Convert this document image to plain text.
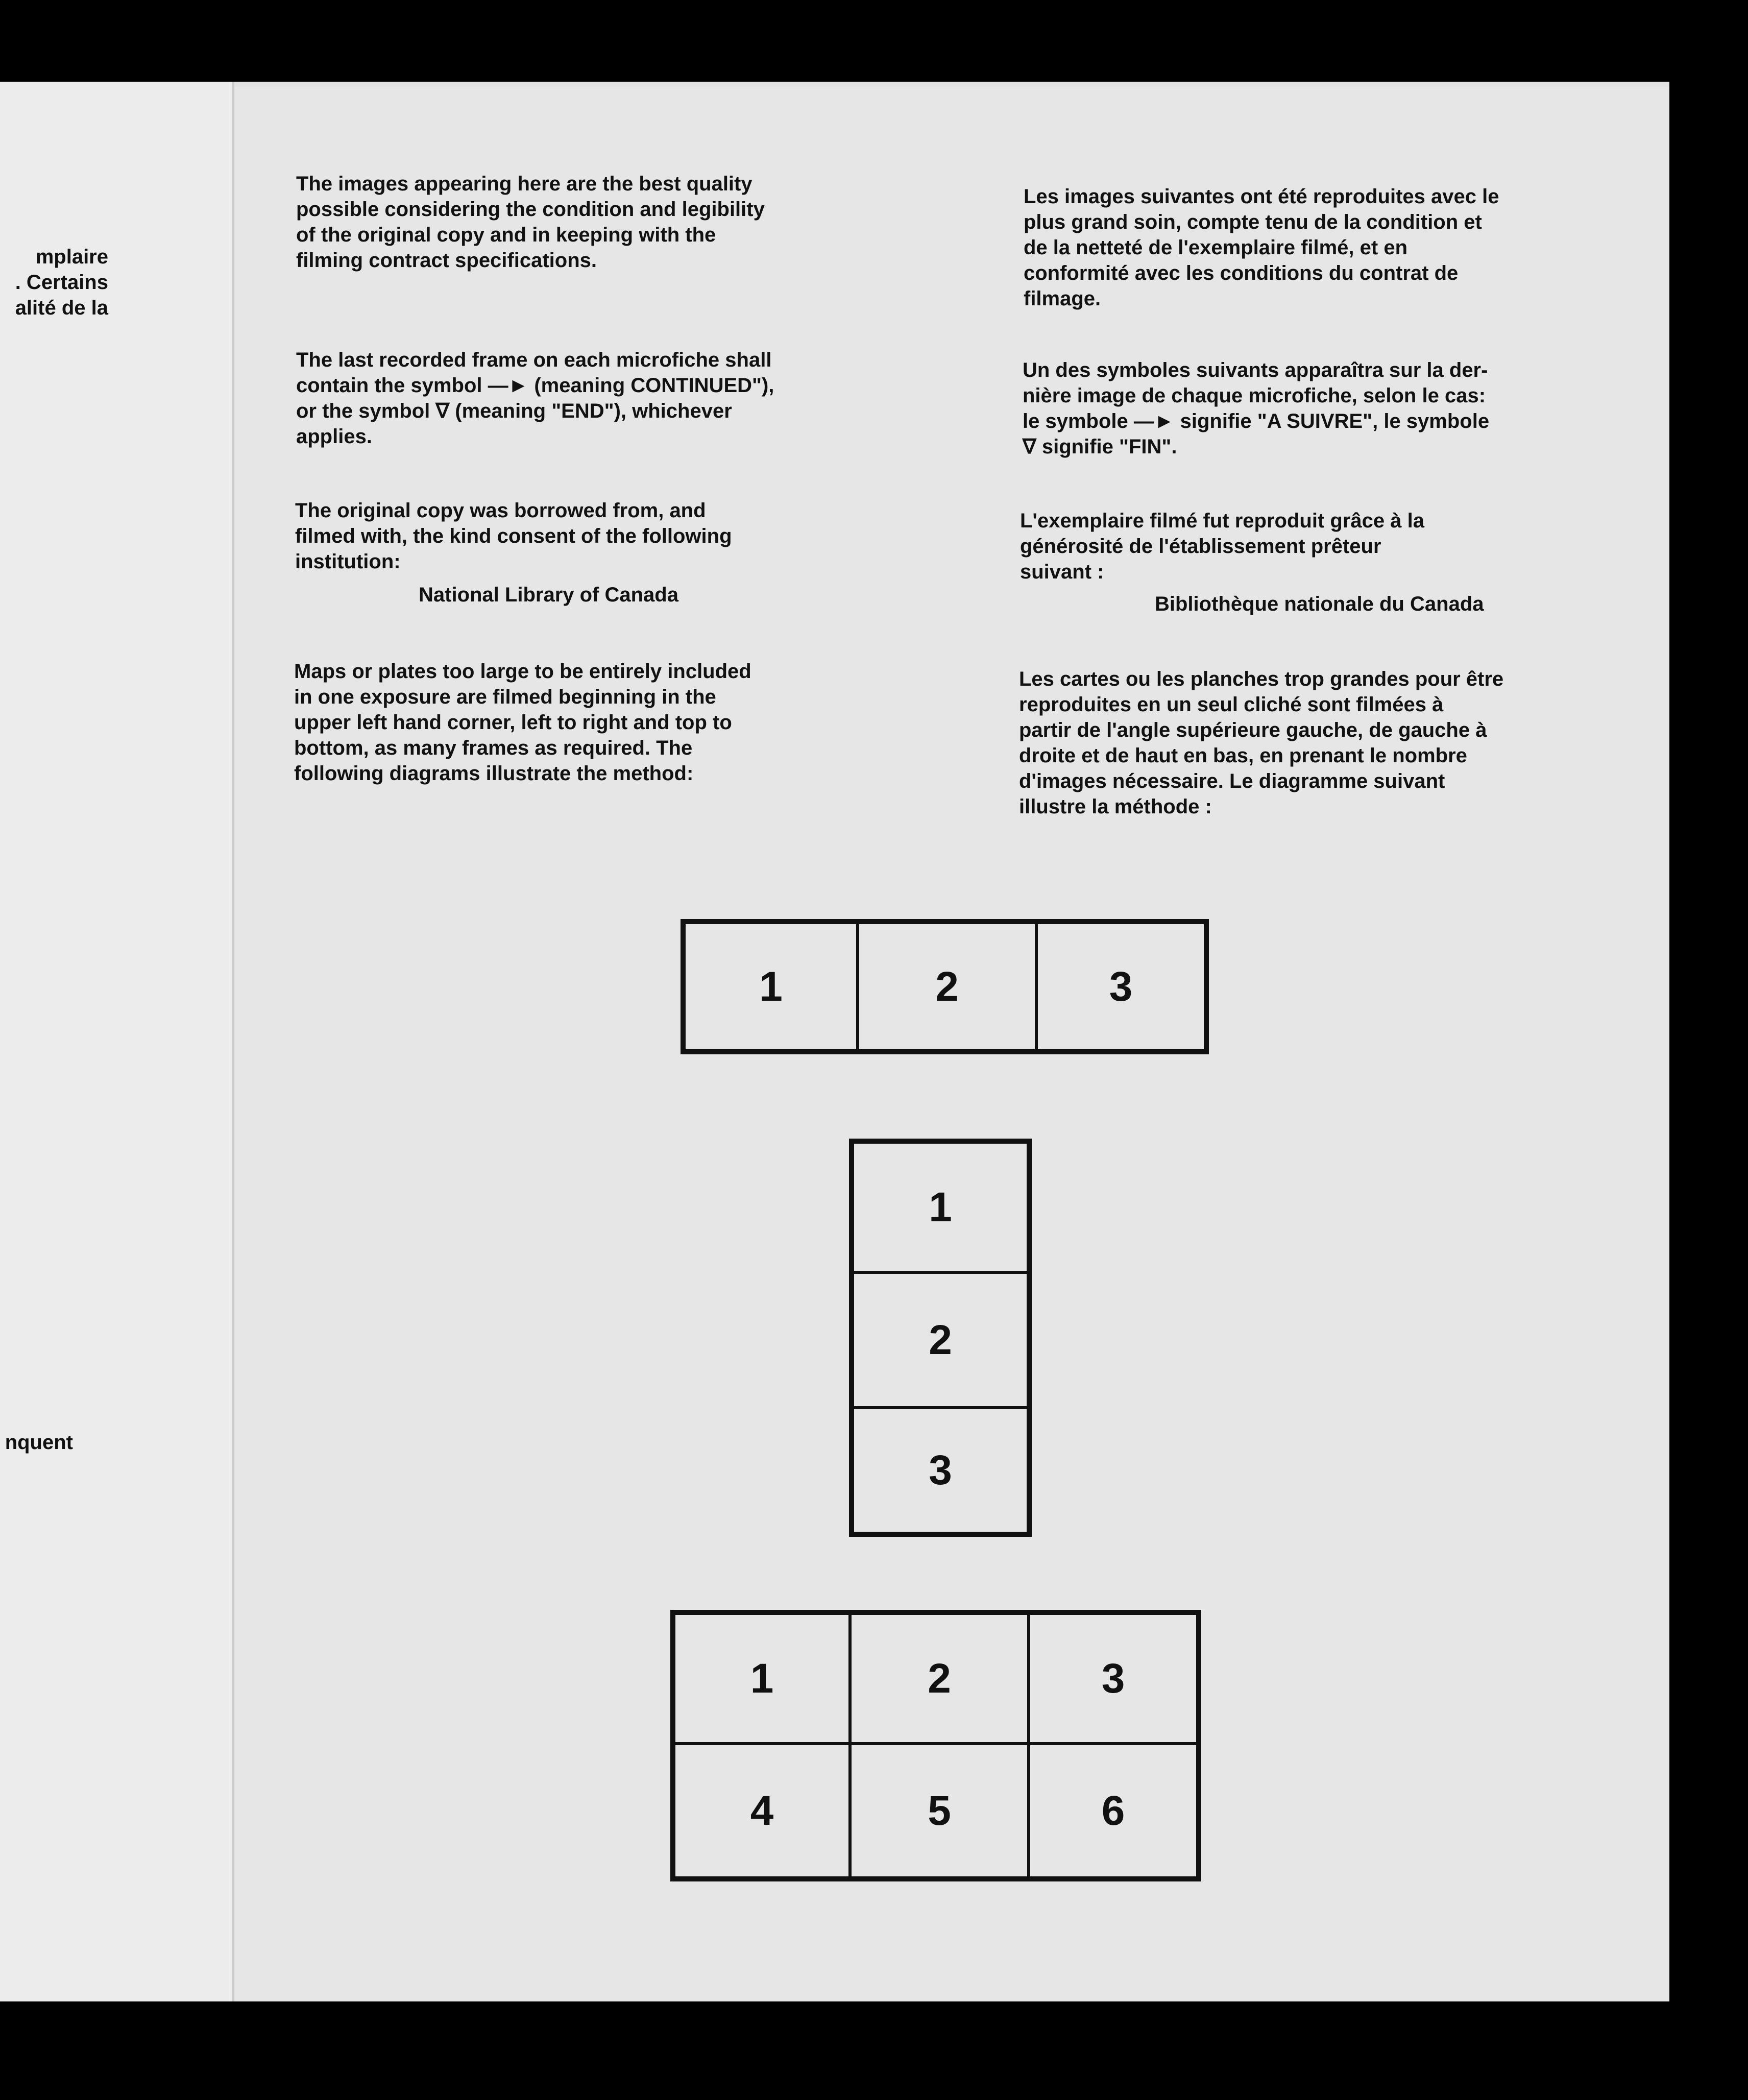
mplaire
. Certains
alité de la
nquent
The images appearing here are the best quality
possible considering the condition and legibility
of the original copy and in keeping with the
filming contract specifications.
The last recorded frame on each microfiche shall
contain the symbol —► (meaning CONTINUED"),
or the symbol ∇ (meaning "END"), whichever
applies.
The original copy was borrowed from, and
filmed with, the kind consent of the following
institution:
National Library of Canada
Maps or plates too large to be entirely included
in one exposure are filmed beginning in the
upper left hand corner, left to right and top to
bottom, as many frames as required. The
following diagrams illustrate the method:
Les images suivantes ont été reproduites avec le
plus grand soin, compte tenu de la condition et
de la netteté de l'exemplaire filmé, et en
conformité avec les conditions du contrat de
filmage.
Un des symboles suivants apparaîtra sur la der-
nière image de chaque microfiche, selon le cas:
le symbole —► signifie "A SUIVRE", le symbole
∇ signifie "FIN".
L'exemplaire filmé fut reproduit grâce à la
générosité de l'établissement prêteur
suivant :
Bibliothèque nationale du Canada
Les cartes ou les planches trop grandes pour être
reproduites en un seul cliché sont filmées à
partir de l'angle supérieure gauche, de gauche à
droite et de haut en bas, en prenant le nombre
d'images nécessaire. Le diagramme suivant
illustre la méthode :
1	2	3
1
2
3
1	2	3
4	5	6
